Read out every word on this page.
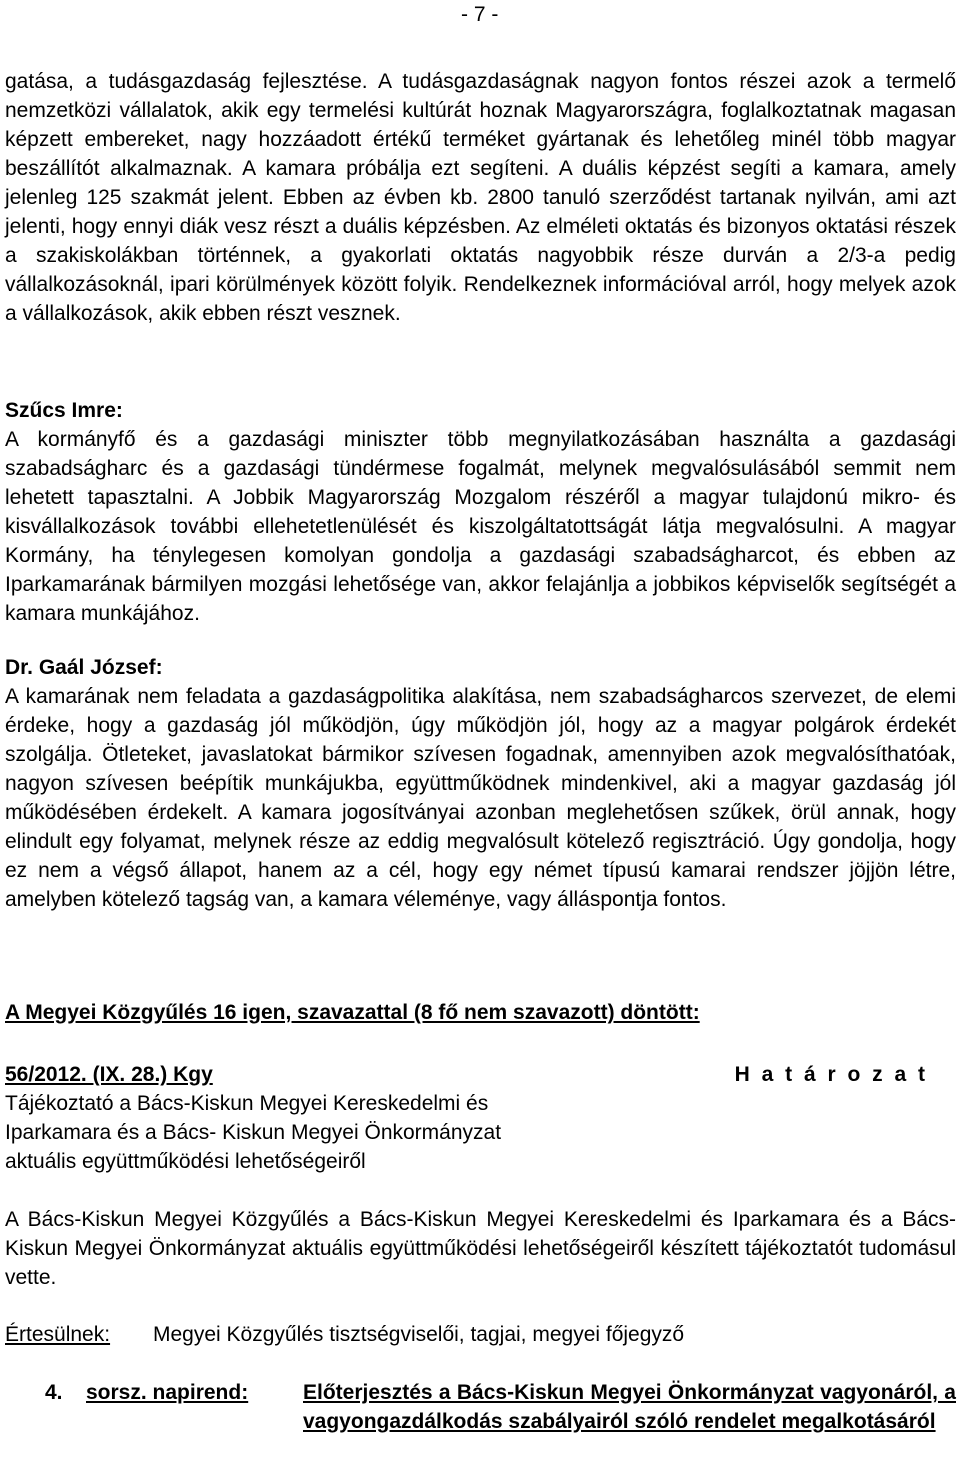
- 7 -

gatása, a tudásgazdaság fejlesztése. A tudásgazdaságnak nagyon fontos részei azok a termelő nemzetközi vállalatok, akik egy termelési kultúrát hoznak Magyarországra, foglalkoztatnak magasan képzett embereket, nagy hozzáadott értékű terméket gyártanak és lehetőleg minél több magyar beszállítót alkalmaznak. A kamara próbálja ezt segíteni. A duális képzést segíti a kamara, amely jelenleg 125 szakmát jelent. Ebben az évben kb. 2800 tanuló szerződést tartanak nyilván, ami azt jelenti, hogy ennyi diák vesz részt a duális képzésben. Az elméleti oktatás és bizonyos oktatási részek a szakiskolákban történnek, a gyakorlati oktatás nagyobbik része durván a 2/3-a pedig vállalkozásoknál, ipari körülmények között folyik. Rendelkeznek információval arról, hogy melyek azok a vállalkozások, akik ebben részt vesznek.

Szűcs Imre:

A kormányfő és a gazdasági miniszter több megnyilatkozásában használta a gazdasági szabadságharc és a gazdasági tündérmese fogalmát, melynek megvalósulásából semmit nem lehetett tapasztalni. A Jobbik Magyarország Mozgalom részéről a magyar tulajdonú mikro- és kisvállalkozások további ellehetetlenülését és kiszolgáltatottságát látja megvalósulni. A magyar Kormány, ha ténylegesen komolyan gondolja a gazdasági szabadságharcot, és ebben az Iparkamarának bármilyen mozgási lehetősége van, akkor felajánlja a jobbikos képviselők segítségét a kamara munkájához.

Dr. Gaál József:

A kamarának nem feladata a gazdaságpolitika alakítása, nem szabadságharcos szervezet, de elemi érdeke, hogy a gazdaság jól működjön, úgy működjön jól, hogy az a magyar polgárok érdekét szolgálja. Ötleteket, javaslatokat bármikor szívesen fogadnak, amennyiben azok megvalósíthatóak, nagyon szívesen beépítik munkájukba, együttműködnek mindenkivel, aki a magyar gazdaság jól működésében érdekelt. A kamara jogosítványai azonban meglehetősen szűkek, örül annak, hogy elindult egy folyamat, melynek része az eddig megvalósult kötelező regisztráció. Úgy gondolja, hogy ez nem a végső állapot, hanem az a cél, hogy egy német típusú kamarai rendszer jöjjön létre, amelyben kötelező tagság van, a kamara véleménye, vagy álláspontja fontos.

A Megyei Közgyűlés 16 igen, szavazattal (8 fő nem szavazott) döntött:

56/2012. (IX. 28.) Kgy	H a t á r o z a t
Tájékoztató a Bács-Kiskun Megyei Kereskedelmi és
Iparkamara és a Bács- Kiskun Megyei Önkormányzat
aktuális együttműködési lehetőségeiről

A Bács-Kiskun Megyei Közgyűlés a Bács-Kiskun Megyei Kereskedelmi és Iparkamara és a Bács- Kiskun Megyei Önkormányzat aktuális együttműködési lehetőségeiről készített tájékoztatót tudomásul vette.

Értesülnek: Megyei Közgyűlés tisztségviselői, tagjai, megyei főjegyző
4. sorsz. napirend:	Előterjesztés a Bács-Kiskun Megyei Önkormányzat vagyonáról, a vagyongazdálkodás szabályairól szóló rendelet megalkotásáról
